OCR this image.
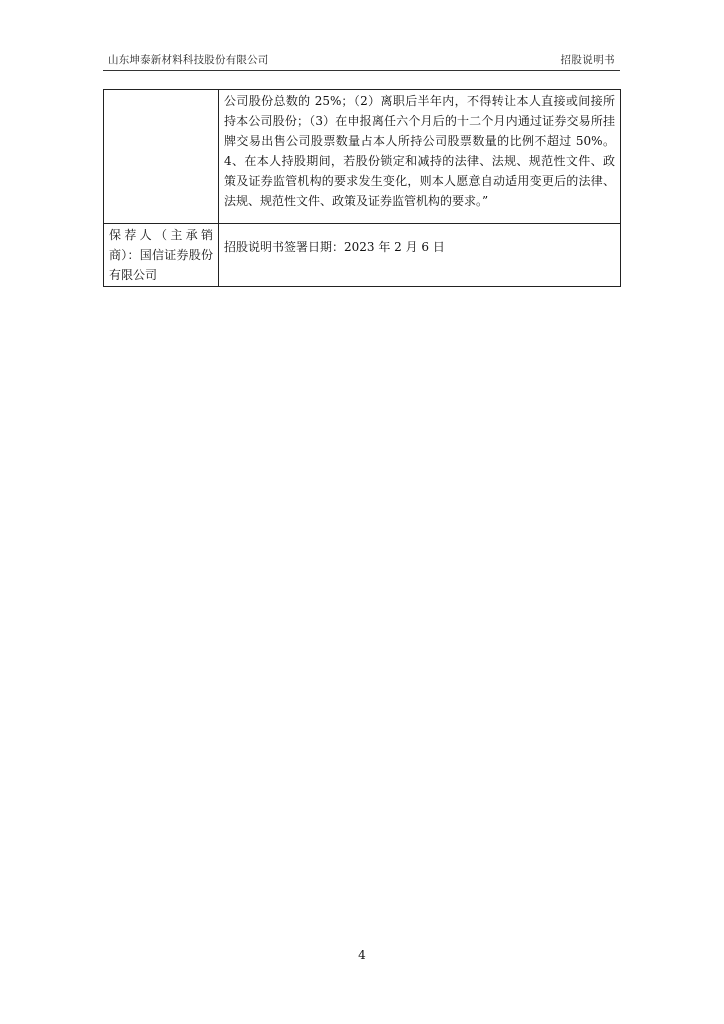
山东坤泰新材料科技股份有限公司	招股说明书
	公司股份总数的 25%；（2）离职后半年内，不得转让本人直接或间接所持本公司股份；（3）在申报离任六个月后的十二个月内通过证券交易所挂牌交易出售公司股票数量占本人所持公司股票数量的比例不超过 50%。4、在本人持股期间，若股份锁定和减持的法律、法规、规范性文件、政策及证券监管机构的要求发生变化，则本人愿意自动适用变更后的法律、法规、规范性文件、政策及证券监管机构的要求。”
保荐人（主承销商）：国信证券股份有限公司	招股说明书签署日期：2023 年 2 月 6 日
4
